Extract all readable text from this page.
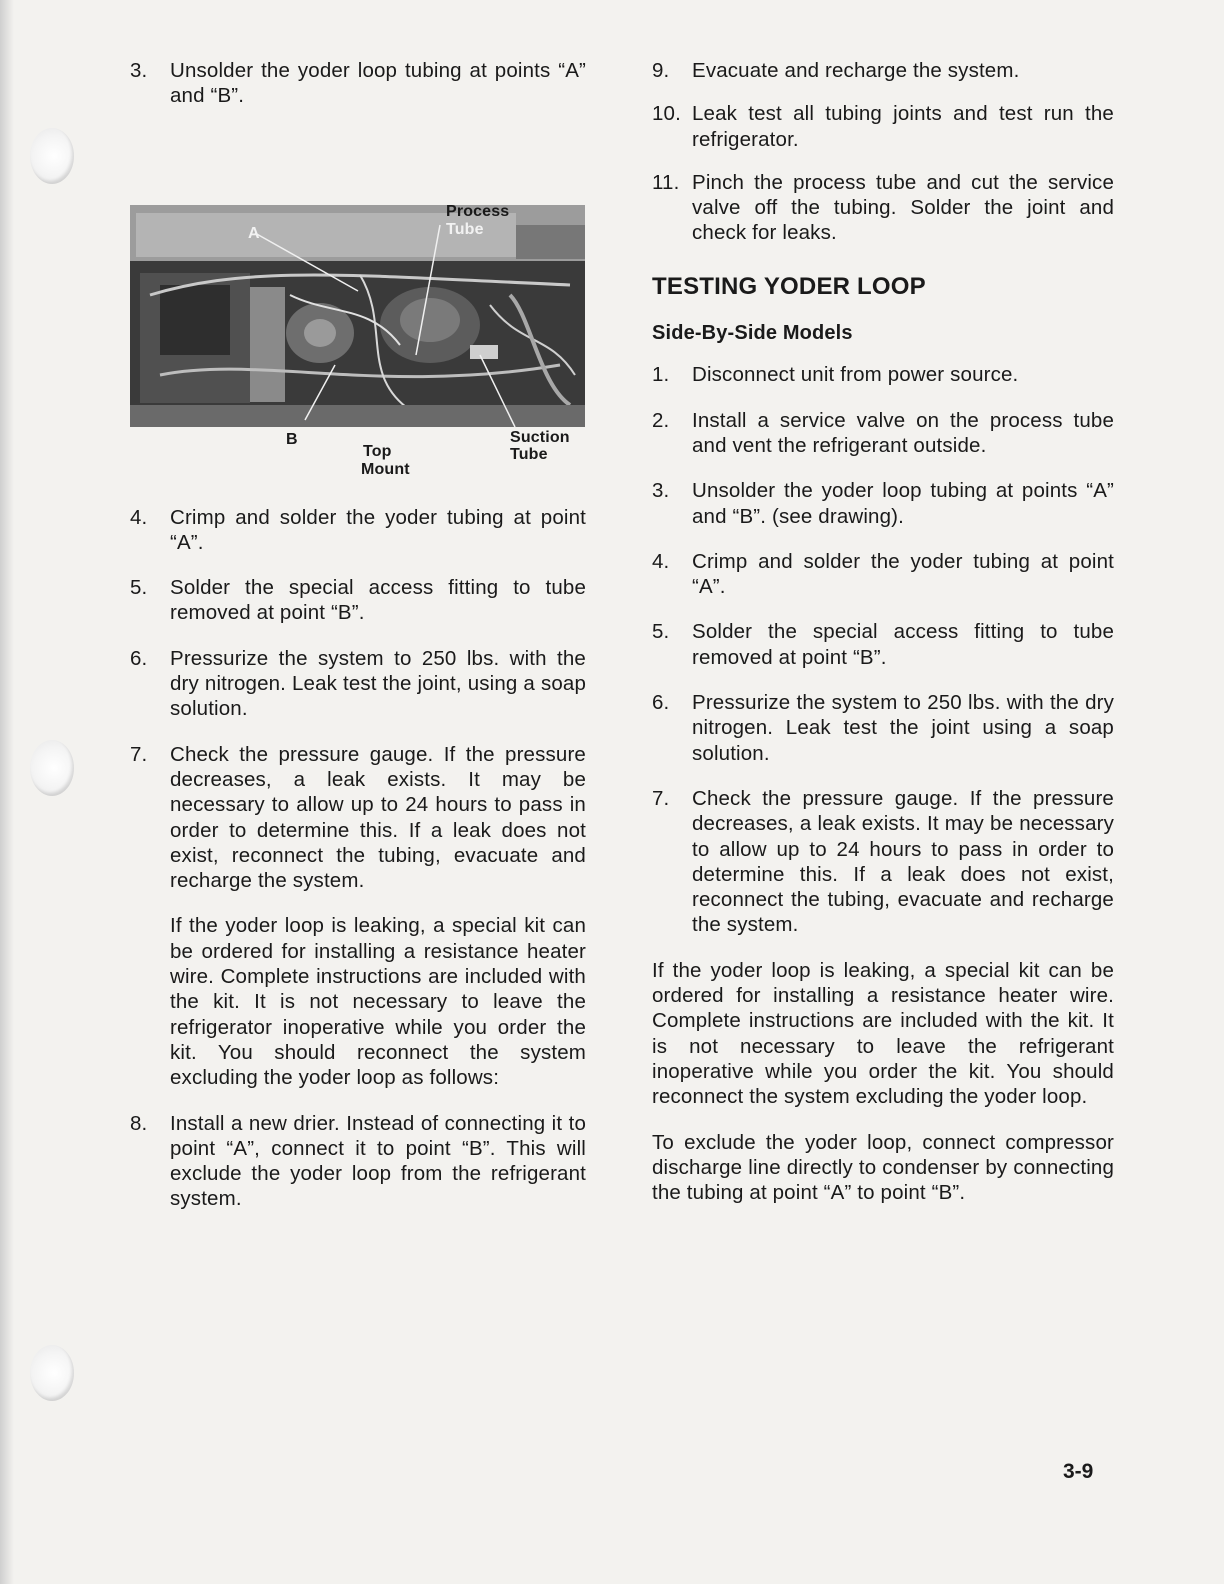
3. Unsolder the yoder loop tubing at points “A” and “B”.
Process
Tube
A
B	Suction
Tube
Top
Mount
4. Crimp and solder the yoder tubing at point “A”.
5. Solder the special access fitting to tube removed at point “B”.
6. Pressurize the system to 250 lbs. with the dry nitrogen. Leak test the joint, using a soap solution.
7. Check the pressure gauge. If the pressure decreases, a leak exists. It may be necessary to allow up to 24 hours to pass in order to determine this. If a leak does not exist, reconnect the tubing, evacuate and recharge the system.
If the yoder loop is leaking, a special kit can be ordered for installing a resistance heater wire. Complete instructions are included with the kit. It is not necessary to leave the refrigerator inoperative while you order the kit. You should reconnect the system excluding the yoder loop as follows:
8. Install a new drier. Instead of connecting it to point “A”, connect it to point “B”. This will exclude the yoder loop from the refrigerant system.
9. Evacuate and recharge the system.
10. Leak test all tubing joints and test run the refrigerator.
11. Pinch the process tube and cut the service valve off the tubing. Solder the joint and check for leaks.
TESTING YODER LOOP
Side-By-Side Models
1. Disconnect unit from power source.
2. Install a service valve on the process tube and vent the refrigerant outside.
3. Unsolder the yoder loop tubing at points “A” and “B”. (see drawing).
4. Crimp and solder the yoder tubing at point “A”.
5. Solder the special access fitting to tube removed at point “B”.
6. Pressurize the system to 250 lbs. with the dry nitrogen. Leak test the joint using a soap solution.
7. Check the pressure gauge. If the pressure decreases, a leak exists. It may be necessary to allow up to 24 hours to pass in order to determine this. If a leak does not exist, reconnect the tubing, evacuate and recharge the system.
If the yoder loop is leaking, a special kit can be ordered for installing a resistance heater wire. Complete instructions are included with the kit. It is not necessary to leave the refrigerant inoperative while you order the kit. You should reconnect the system excluding the yoder loop.
To exclude the yoder loop, connect compressor discharge line directly to condenser by connecting the tubing at point “A” to point “B”.
3-9
